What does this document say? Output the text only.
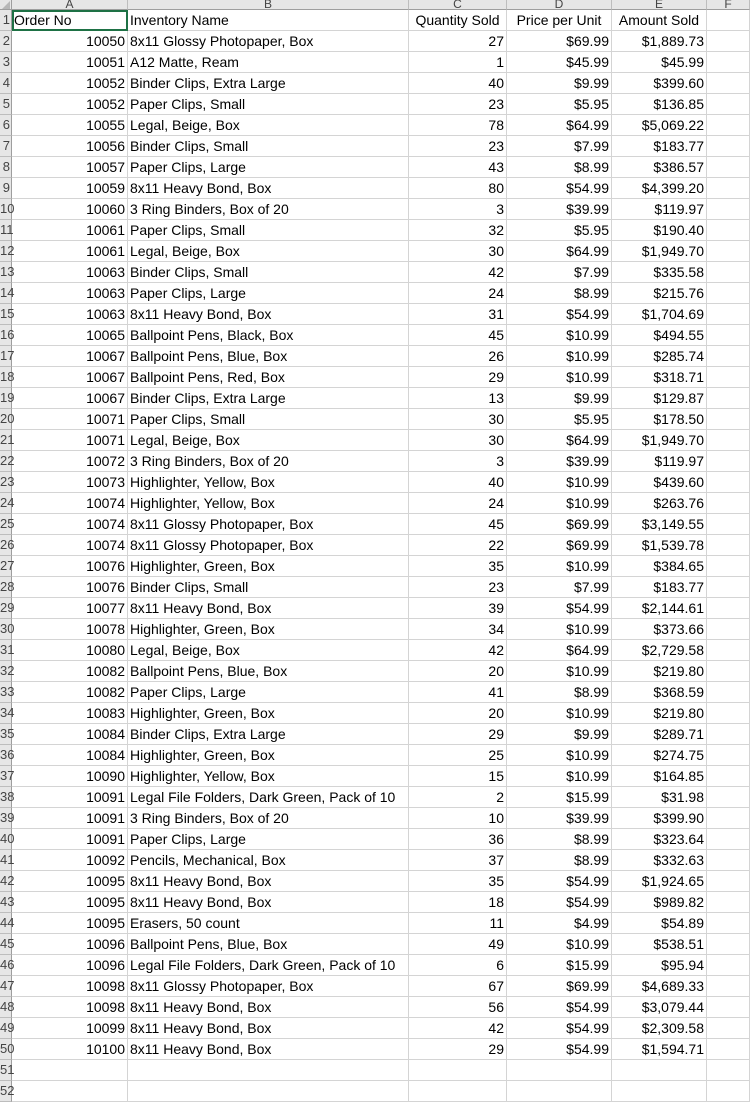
A	B	C	D	E	F
1 Order No	Inventory Name	Quantity Sold	Price per Unit	Amount Sold
2	10050 8x11 Glossy Photopaper, Box	27	$69.99	$1,889.73
3	10051 A12 Matte, Ream	1	$45.99	$45.99
4	10052 Binder Clips, Extra Large	40	$9.99	$399.60
5	10052 Paper Clips, Small	23	$5.95	$136.85
6	10055 Legal, Beige, Box	78	$64.99	$5,069.22
7	10056 Binder Clips, Small	23	$7.99	$183.77
8	10057 Paper Clips, Large	43	$8.99	$386.57
9	10059 8x11 Heavy Bond, Box	80	$54.99	$4,399.20
10	10060 3 Ring Binders, Box of 20	3	$39.99	$119.97
11	10061 Paper Clips, Small	32	$5.95	$190.40
12	10061 Legal, Beige, Box	30	$64.99	$1,949.70
13	10063 Binder Clips, Small	42	$7.99	$335.58
14	10063 Paper Clips, Large	24	$8.99	$215.76
15	10063 8x11 Heavy Bond, Box	31	$54.99	$1,704.69
16	10065 Ballpoint Pens, Black, Box	45	$10.99	$494.55
17	10067 Ballpoint Pens, Blue, Box	26	$10.99	$285.74
18	10067 Ballpoint Pens, Red, Box	29	$10.99	$318.71
19	10067 Binder Clips, Extra Large	13	$9.99	$129.87
20	10071 Paper Clips, Small	30	$5.95	$178.50
21	10071 Legal, Beige, Box	30	$64.99	$1,949.70
22	10072 3 Ring Binders, Box of 20	3	$39.99	$119.97
23	10073 Highlighter, Yellow, Box	40	$10.99	$439.60
24	10074 Highlighter, Yellow, Box	24	$10.99	$263.76
25	10074 8x11 Glossy Photopaper, Box	45	$69.99	$3,149.55
26	10074 8x11 Glossy Photopaper, Box	22	$69.99	$1,539.78
27	10076 Highlighter, Green, Box	35	$10.99	$384.65
28	10076 Binder Clips, Small	23	$7.99	$183.77
29	10077 8x11 Heavy Bond, Box	39	$54.99	$2,144.61
30	10078 Highlighter, Green, Box	34	$10.99	$373.66
31	10080 Legal, Beige, Box	42	$64.99	$2,729.58
32	10082 Ballpoint Pens, Blue, Box	20	$10.99	$219.80
33	10082 Paper Clips, Large	41	$8.99	$368.59
34	10083 Highlighter, Green, Box	20	$10.99	$219.80
35	10084 Binder Clips, Extra Large	29	$9.99	$289.71
36	10084 Highlighter, Green, Box	25	$10.99	$274.75
37	10090 Highlighter, Yellow, Box	15	$10.99	$164.85
38	10091 Legal File Folders, Dark Green, Pack of 10	2	$15.99	$31.98
39	10091 3 Ring Binders, Box of 20	10	$39.99	$399.90
40	10091 Paper Clips, Large	36	$8.99	$323.64
41	10092 Pencils, Mechanical, Box	37	$8.99	$332.63
42	10095 8x11 Heavy Bond, Box	35	$54.99	$1,924.65
43	10095 8x11 Heavy Bond, Box	18	$54.99	$989.82
44	10095 Erasers, 50 count	11	$4.99	$54.89
45	10096 Ballpoint Pens, Blue, Box	49	$10.99	$538.51
46	10096 Legal File Folders, Dark Green, Pack of 10	6	$15.99	$95.94
47	10098 8x11 Glossy Photopaper, Box	67	$69.99	$4,689.33
48	10098 8x11 Heavy Bond, Box	56	$54.99	$3,079.44
49	10099 8x11 Heavy Bond, Box	42	$54.99	$2,309.58
50	10100 8x11 Heavy Bond, Box	29	$54.99	$1,594.71
51
52
